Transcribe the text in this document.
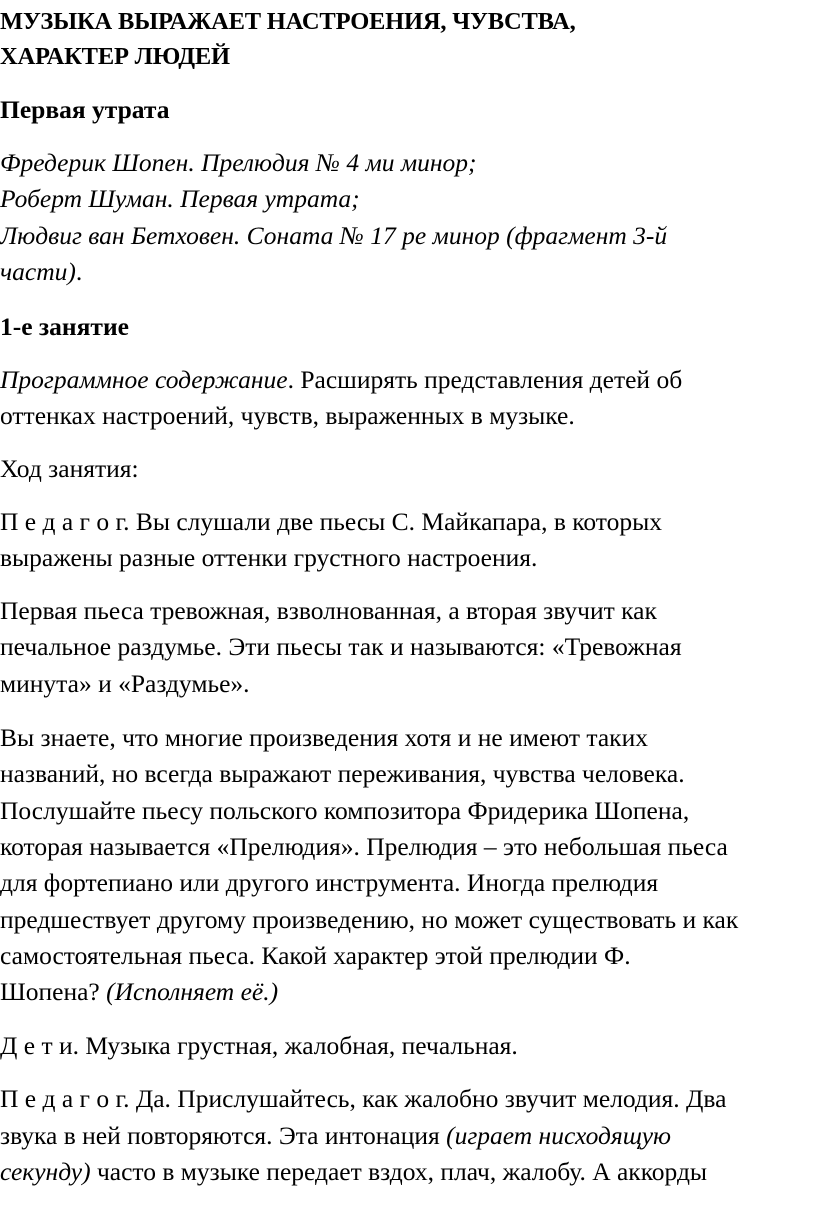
МУЗЫКА ВЫРАЖАЕТ НАСТРОЕНИЯ, ЧУВСТВА,
ХАРАКТЕР ЛЮДЕЙ
Первая утрата
Фредерик Шопен. Прелюдия № 4 ми минор;
Роберт Шуман. Первая утрата;
Людвиг ван Бетховен. Соната № 17 ре минор (фрагмент 3-й
части).
1-е занятие
Программное содержание. Расширять представления детей об
оттенках настроений, чувств, выраженных в музыке.
Ход занятия:
П е д а г о г. Вы слушали две пьесы С. Майкапара, в которых
выражены разные оттенки грустного настроения.
Первая пьеса тревожная, взволнованная, а вторая звучит как
печальное раздумье. Эти пьесы так и называются: «Тревожная
минута» и «Раздумье».
Вы знаете, что многие произведения хотя и не имеют таких
названий, но всегда выражают переживания, чувства человека.
Послушайте пьесу польского композитора Фридерика Шопена,
которая называется «Прелюдия». Прелюдия – это небольшая пьеса
для фортепиано или другого инструмента. Иногда прелюдия
предшествует другому произведению, но может существовать и как
самостоятельная пьеса. Какой характер этой прелюдии Ф.
Шопена? (Исполняет её.)
Д е т и. Музыка грустная, жалобная, печальная.
П е д а г о г. Да. Прислушайтесь, как жалобно звучит мелодия. Два
звука в ней повторяются. Эта интонация (играет нисходящую
секунду) часто в музыке передает вздох, плач, жалобу. А аккорды
